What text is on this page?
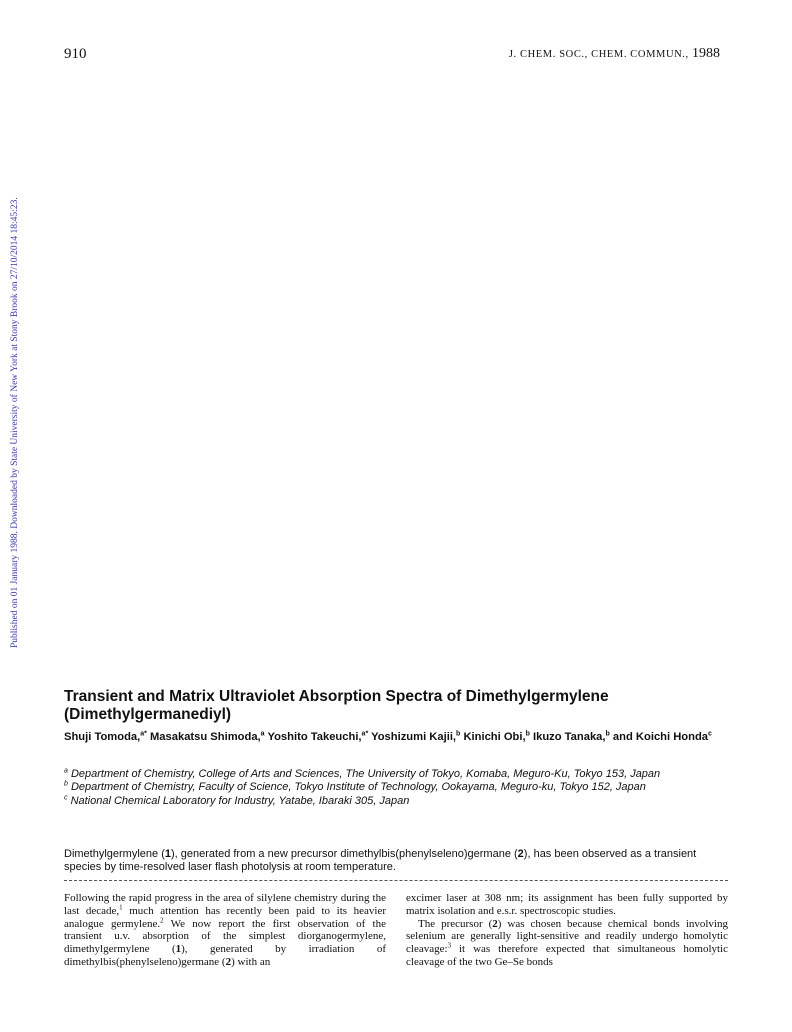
910	J. CHEM. SOC., CHEM. COMMUN., 1988
Published on 01 January 1988. Downloaded by State University of New York at Stony Brook on 27/10/2014 18:45:23.
Transient and Matrix Ultraviolet Absorption Spectra of Dimethylgermylene (Dimethylgermanediyl)
Shuji Tomoda,$^{a*}$ Masakatsu Shimoda,$^a$ Yoshito Takeuchi,$^{a*}$ Yoshizumi Kajii,$^b$ Kinichi Obi,$^b$ Ikuzo Tanaka,$^b$ and Koichi Honda$^c$
$^a$ Department of Chemistry, College of Arts and Sciences, The University of Tokyo, Komaba, Meguro-Ku, Tokyo 153, Japan
$^b$ Department of Chemistry, Faculty of Science, Tokyo Institute of Technology, Ookayama, Meguro-ku, Tokyo 152, Japan
$^c$ National Chemical Laboratory for Industry, Yatabe, Ibaraki 305, Japan
Dimethylgermylene (1), generated from a new precursor dimethylbis(phenylseleno)germane (2), has been observed as a transient species by time-resolved laser flash photolysis at room temperature.

Following the rapid progress in the area of silylene chemistry during the last decade,$^1$ much attention has recently been paid to its heavier analogue germylene.$^2$ We now report the first observation of the transient u.v. absorption of the simplest diorganogermylene, dimethylgermylene (1), generated by irradiation of dimethylbis(phenylseleno)germane (2) with an

excimer laser at 308 nm; its assignment has been fully supported by matrix isolation and e.s.r. spectroscopic studies.

The precursor (2) was chosen because chemical bonds involving selenium are generally light-sensitive and readily undergo homolytic cleavage:$^3$ it was therefore expected that simultaneous homolytic cleavage of the two Ge–Se bonds
